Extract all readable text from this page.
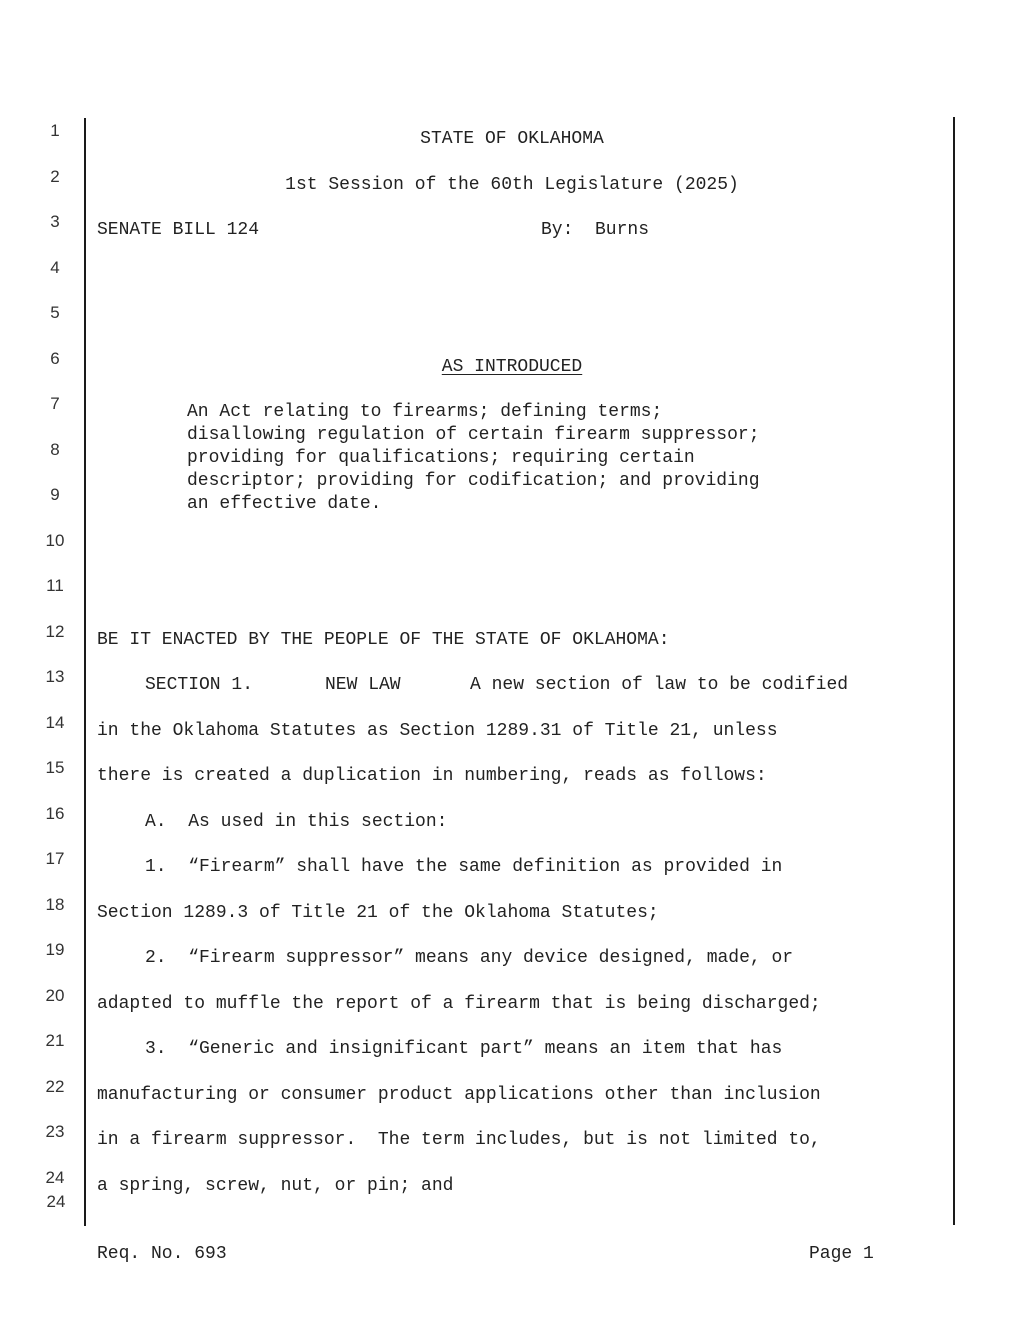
1
2
3
4
5
6
7
8
9
10
11
12
13
14
15
16
17
18
19
20
21
22
23
24
24
STATE OF OKLAHOMA
1st Session of the 60th Legislature (2025)
SENATE BILL 124	By:  Burns
AS INTRODUCED
An Act relating to firearms; defining terms;
disallowing regulation of certain firearm suppressor;
providing for qualifications; requiring certain
descriptor; providing for codification; and providing
an effective date.
BE IT ENACTED BY THE PEOPLE OF THE STATE OF OKLAHOMA:
SECTION 1.	NEW LAW	A new section of law to be codified
in the Oklahoma Statutes as Section 1289.31 of Title 21, unless
there is created a duplication in numbering, reads as follows:
A.  As used in this section:
1.  “Firearm” shall have the same definition as provided in
Section 1289.3 of Title 21 of the Oklahoma Statutes;
2.  “Firearm suppressor” means any device designed, made, or
adapted to muffle the report of a firearm that is being discharged;
3.  “Generic and insignificant part” means an item that has
manufacturing or consumer product applications other than inclusion
in a firearm suppressor.  The term includes, but is not limited to,
a spring, screw, nut, or pin; and
Req. No. 693	Page 1
